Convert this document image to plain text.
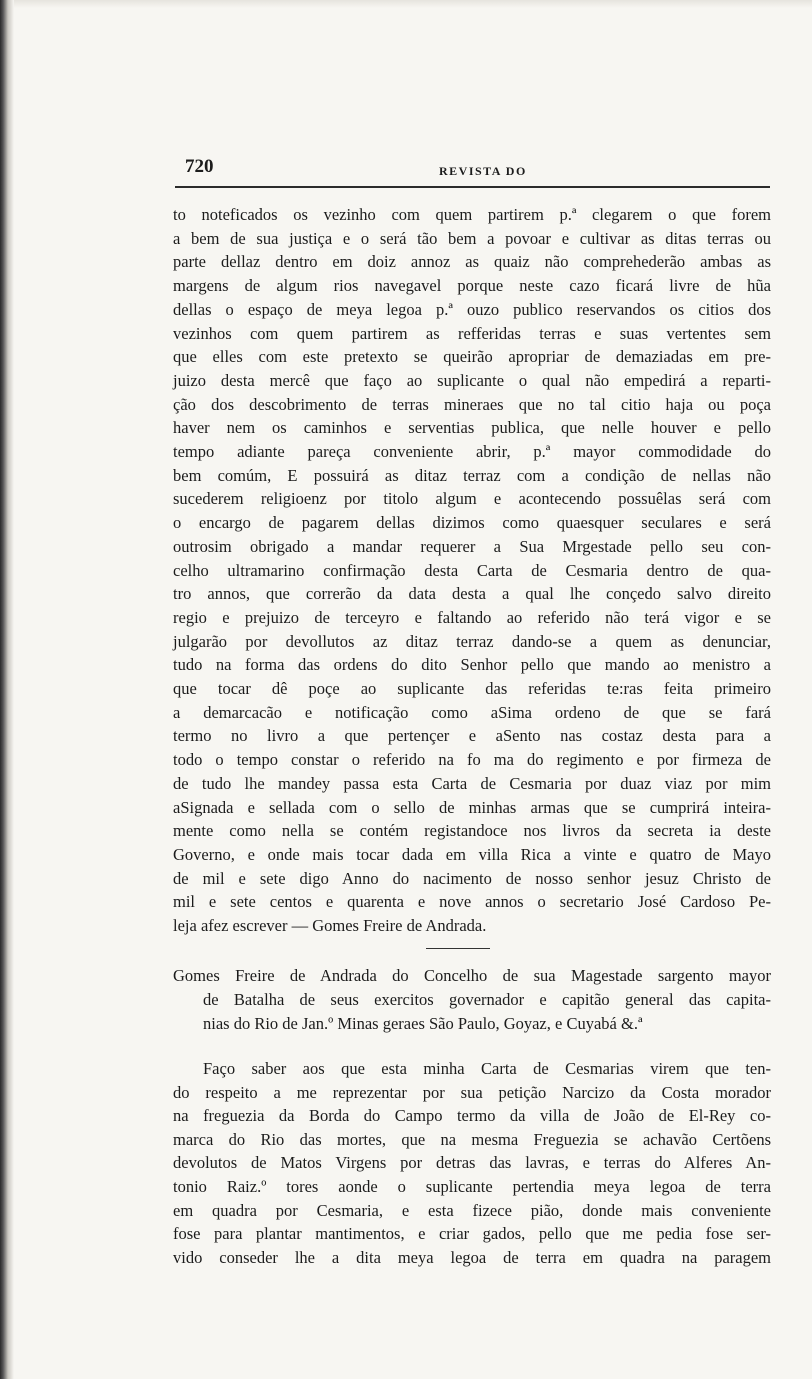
720	REVISTA DO

to noteficados os vezinho com quem partirem p.ª clegarem o que forem

a bem de sua justiça e o será tão bem a povoar e cultivar as ditas terras ou

parte dellaz dentro em doiz annoz as quaiz não comprehederão ambas as

margens de algum rios navegavel porque neste cazo ficará livre de hũa

dellas o espaço de meya legoa p.ª ouzo publico reservandos os citios dos

vezinhos com quem partirem as refferidas terras e suas vertentes sem

que elles com este pretexto se queirão apropriar de demaziadas em pre-

juizo desta mercê que faço ao suplicante o qual não empedirá a reparti-

ção dos descobrimento de terras mineraes que no tal citio haja ou poça

haver nem os caminhos e serventias publica, que nelle houver e pello

tempo adiante pareça conveniente abrir, p.ª mayor commodidade do

bem comúm, E possuirá as ditaz terraz com a condição de nellas não

sucederem religioenz por titolo algum e acontecendo possuêlas será com

o encargo de pagarem dellas dizimos como quaesquer seculares e será

outrosim obrigado a mandar requerer a Sua Mrgestade pello seu con-

celho ultramarino confirmação desta Carta de Cesmaria dentro de qua-

tro annos, que correrão da data desta a qual lhe conçedo salvo direito

regio e prejuizo de terceyro e faltando ao referido não terá vigor e se

julgarão por devollutos az ditaz terraz dando-se a quem as denunciar,

tudo na forma das ordens do dito Senhor pello que mando ao menistro a

que tocar dê poçe ao suplicante das referidas te:ras feita primeiro

a demarcacão e notificação como aSima ordeno de que se fará

termo no livro a que pertençer e aSento nas costaz desta para a

todo o tempo constar o referido na fo ma do regimento e por firmeza de

de tudo lhe mandey passa esta Carta de Cesmaria por duaz viaz por mim

aSignada e sellada com o sello de minhas armas que se cumprirá inteira-

mente como nella se contém registandoce nos livros da secreta ia deste

Governo, e onde mais tocar dada em villa Rica a vinte e quatro de Mayo

de mil e sete digo Anno do nacimento de nosso senhor jesuz Christo de

mil e sete centos e quarenta e nove annos o secretario José Cardoso Pe-

leja afez escrever — Gomes Freire de Andrada.

Gomes Freire de Andrada do Concelho de sua Magestade sargento mayor

de Batalha de seus exercitos governador e capitão general das capita-

nias do Rio de Jan.º Minas geraes São Paulo, Goyaz, e Cuyabá &.ª

Faço saber aos que esta minha Carta de Cesmarias virem que ten-

do respeito a me reprezentar por sua petição Narcizo da Costa morador

na freguezia da Borda do Campo termo da villa de João de El-Rey co-

marca do Rio das mortes, que na mesma Freguezia se achavão Certõens

devolutos de Matos Virgens por detras das lavras, e terras do Alferes An-

tonio Raiz.º tores aonde o suplicante pertendia meya legoa de terra

em quadra por Cesmaria, e esta fizece pião, donde mais conveniente

fose para plantar mantimentos, e criar gados, pello que me pedia fose ser-

vido conseder lhe a dita meya legoa de terra em quadra na paragem
